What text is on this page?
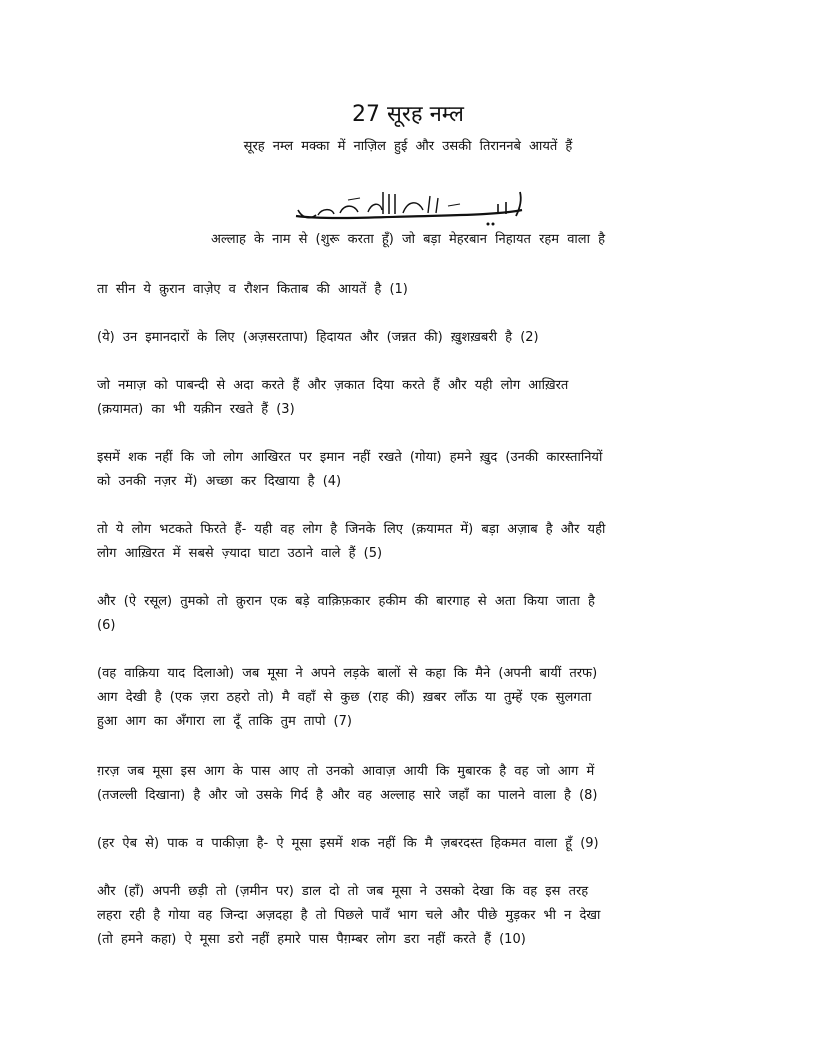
27 सूरह नम्ल
सूरह नम्ल मक्का में नाज़िल हुई और उसकी तिराननबे आयतें हैं
अल्लाह के नाम से (शुरू करता हूँ) जो बड़ा मेहरबान निहायत रहम वाला है
ता सीन ये क़ुरान वाज़ेए व रौशन किताब की आयतें है (1)
(ये) उन इमानदारों के लिए (अज़सरतापा) हिदायत और (जन्नत की) ख़ुशख़बरी है (2)
जो नमाज़ को पाबन्दी से अदा करते हैं और ज़कात दिया करते हैं और यही लोग आख़िरत
(क़यामत) का भी यक़ीन रखते हैं (3)
इसमें शक नहीं कि जो लोग आखिरत पर इमान नहीं रखते (गोया) हमने ख़ुद (उनकी कारस्तानियों
को उनकी नज़र में) अच्छा कर दिखाया है (4)
तो ये लोग भटकते फिरते हैं- यही वह लोग है जिनके लिए (क़यामत में) बड़ा अज़ाब है और यही
लोग आख़िरत में सबसे ज़्यादा घाटा उठाने वाले हैं (5)
और (ऐ रसूल) तुमको तो क़ुरान एक बड़े वाक़िफ़कार हकीम की बारगाह से अता किया जाता है
(6)
(वह वाक़िया याद दिलाओ) जब मूसा ने अपने लड़के बालों से कहा कि मैने (अपनी बायीं तरफ)
आग देखी है (एक ज़रा ठहरो तो) मै वहाँ से कुछ (राह की) ख़बर लाँऊ या तुम्हें एक सुलगता
हुआ आग का अँगारा ला दूँ ताकि तुम तापो (7)
ग़रज़ जब मूसा इस आग के पास आए तो उनको आवाज़ आयी कि मुबारक है वह जो आग में
(तजल्ली दिखाना) है और जो उसके गिर्द है और वह अल्लाह सारे जहाँ का पालने वाला है (8)
(हर ऐब से) पाक व पाकीज़ा है- ऐ मूसा इसमें शक नहीं कि मै ज़बरदस्त हिकमत वाला हूँ (9)
और (हाँ) अपनी छड़ी तो (ज़मीन पर) डाल दो तो जब मूसा ने उसको देखा कि वह इस तरह
लहरा रही है गोया वह जिन्दा अज़दहा है तो पिछले पावँ भाग चले और पीछे मुड़कर भी न देखा
(तो हमने कहा) ऐ मूसा डरो नहीं हमारे पास पैग़म्बर लोग डरा नहीं करते हैं (10)
